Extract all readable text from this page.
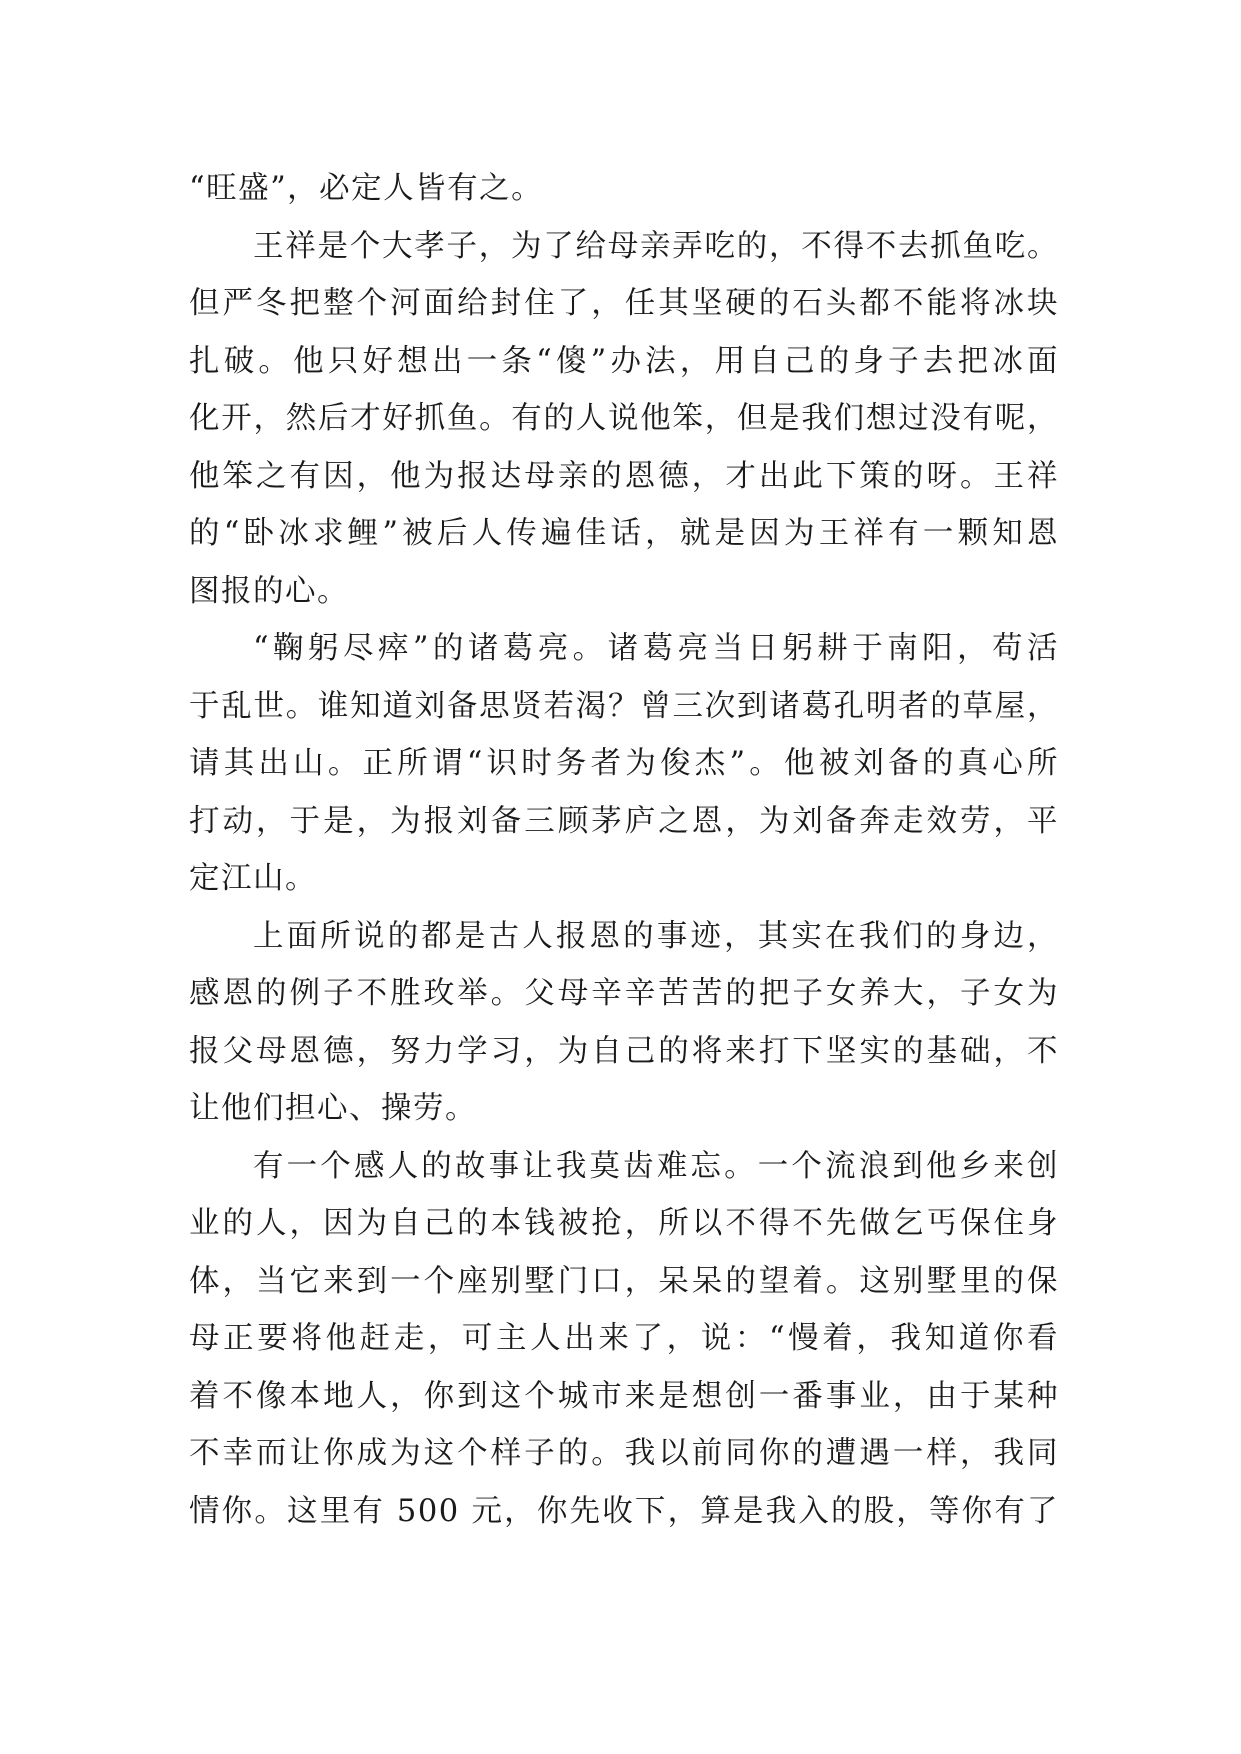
“旺盛”，必定人皆有之。
王祥是个大孝子，为了给母亲弄吃的，不得不去抓鱼吃。
但严冬把整个河面给封住了，任其坚硬的石头都不能将冰块
扎破。他只好想出一条“傻”办法，用自己的身子去把冰面
化开，然后才好抓鱼。有的人说他笨，但是我们想过没有呢，
他笨之有因，他为报达母亲的恩德，才出此下策的呀。王祥
的“卧冰求鲤”被后人传遍佳话，就是因为王祥有一颗知恩
图报的心。
“鞠躬尽瘁”的诸葛亮。诸葛亮当日躬耕于南阳，苟活
于乱世。谁知道刘备思贤若渴？曾三次到诸葛孔明者的草屋，
请其出山。正所谓“识时务者为俊杰”。他被刘备的真心所
打动，于是，为报刘备三顾茅庐之恩，为刘备奔走效劳，平
定江山。
上面所说的都是古人报恩的事迹，其实在我们的身边，
感恩的例子不胜玫举。父母辛辛苦苦的把子女养大，子女为
报父母恩德，努力学习，为自己的将来打下坚实的基础，不
让他们担心、操劳。
有一个感人的故事让我莫齿难忘。一个流浪到他乡来创
业的人，因为自己的本钱被抢，所以不得不先做乞丐保住身
体，当它来到一个座别墅门口，呆呆的望着。这别墅里的保
母正要将他赶走，可主人出来了，说：“慢着，我知道你看
着不像本地人，你到这个城市来是想创一番事业，由于某种
不幸而让你成为这个样子的。我以前同你的遭遇一样，我同
情你。这里有 500 元，你先收下，算是我入的股，等你有了
